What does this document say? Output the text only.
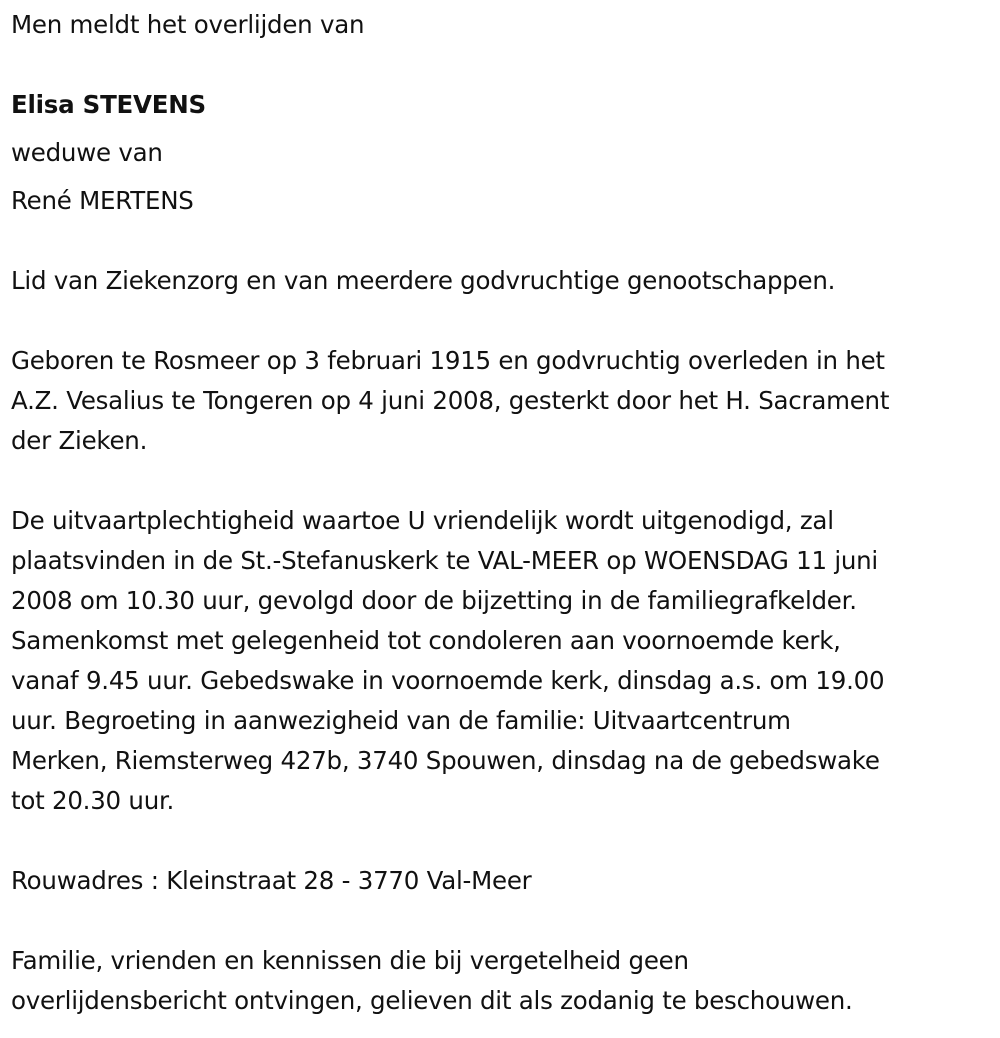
Men meldt het overlijden van
Elisa STEVENS
weduwe van
René MERTENS
Lid van Ziekenzorg en van meerdere godvruchtige genootschappen.
Geboren te Rosmeer op 3 februari 1915 en godvruchtig overleden in het
A.Z. Vesalius te Tongeren op 4 juni 2008, gesterkt door het H. Sacrament
der Zieken.
De uitvaartplechtigheid waartoe U vriendelijk wordt uitgenodigd, zal
plaatsvinden in de St.-Stefanuskerk te VAL-MEER op WOENSDAG 11 juni
2008 om 10.30 uur, gevolgd door de bijzetting in de familiegrafkelder.
Samenkomst met gelegenheid tot condoleren aan voornoemde kerk,
vanaf 9.45 uur. Gebedswake in voornoemde kerk, dinsdag a.s. om 19.00
uur. Begroeting in aanwezigheid van de familie: Uitvaartcentrum
Merken, Riemsterweg 427b, 3740 Spouwen, dinsdag na de gebedswake
tot 20.30 uur.
Rouwadres : Kleinstraat 28 - 3770 Val-Meer
Familie, vrienden en kennissen die bij vergetelheid geen
overlijdensbericht ontvingen, gelieven dit als zodanig te beschouwen.
